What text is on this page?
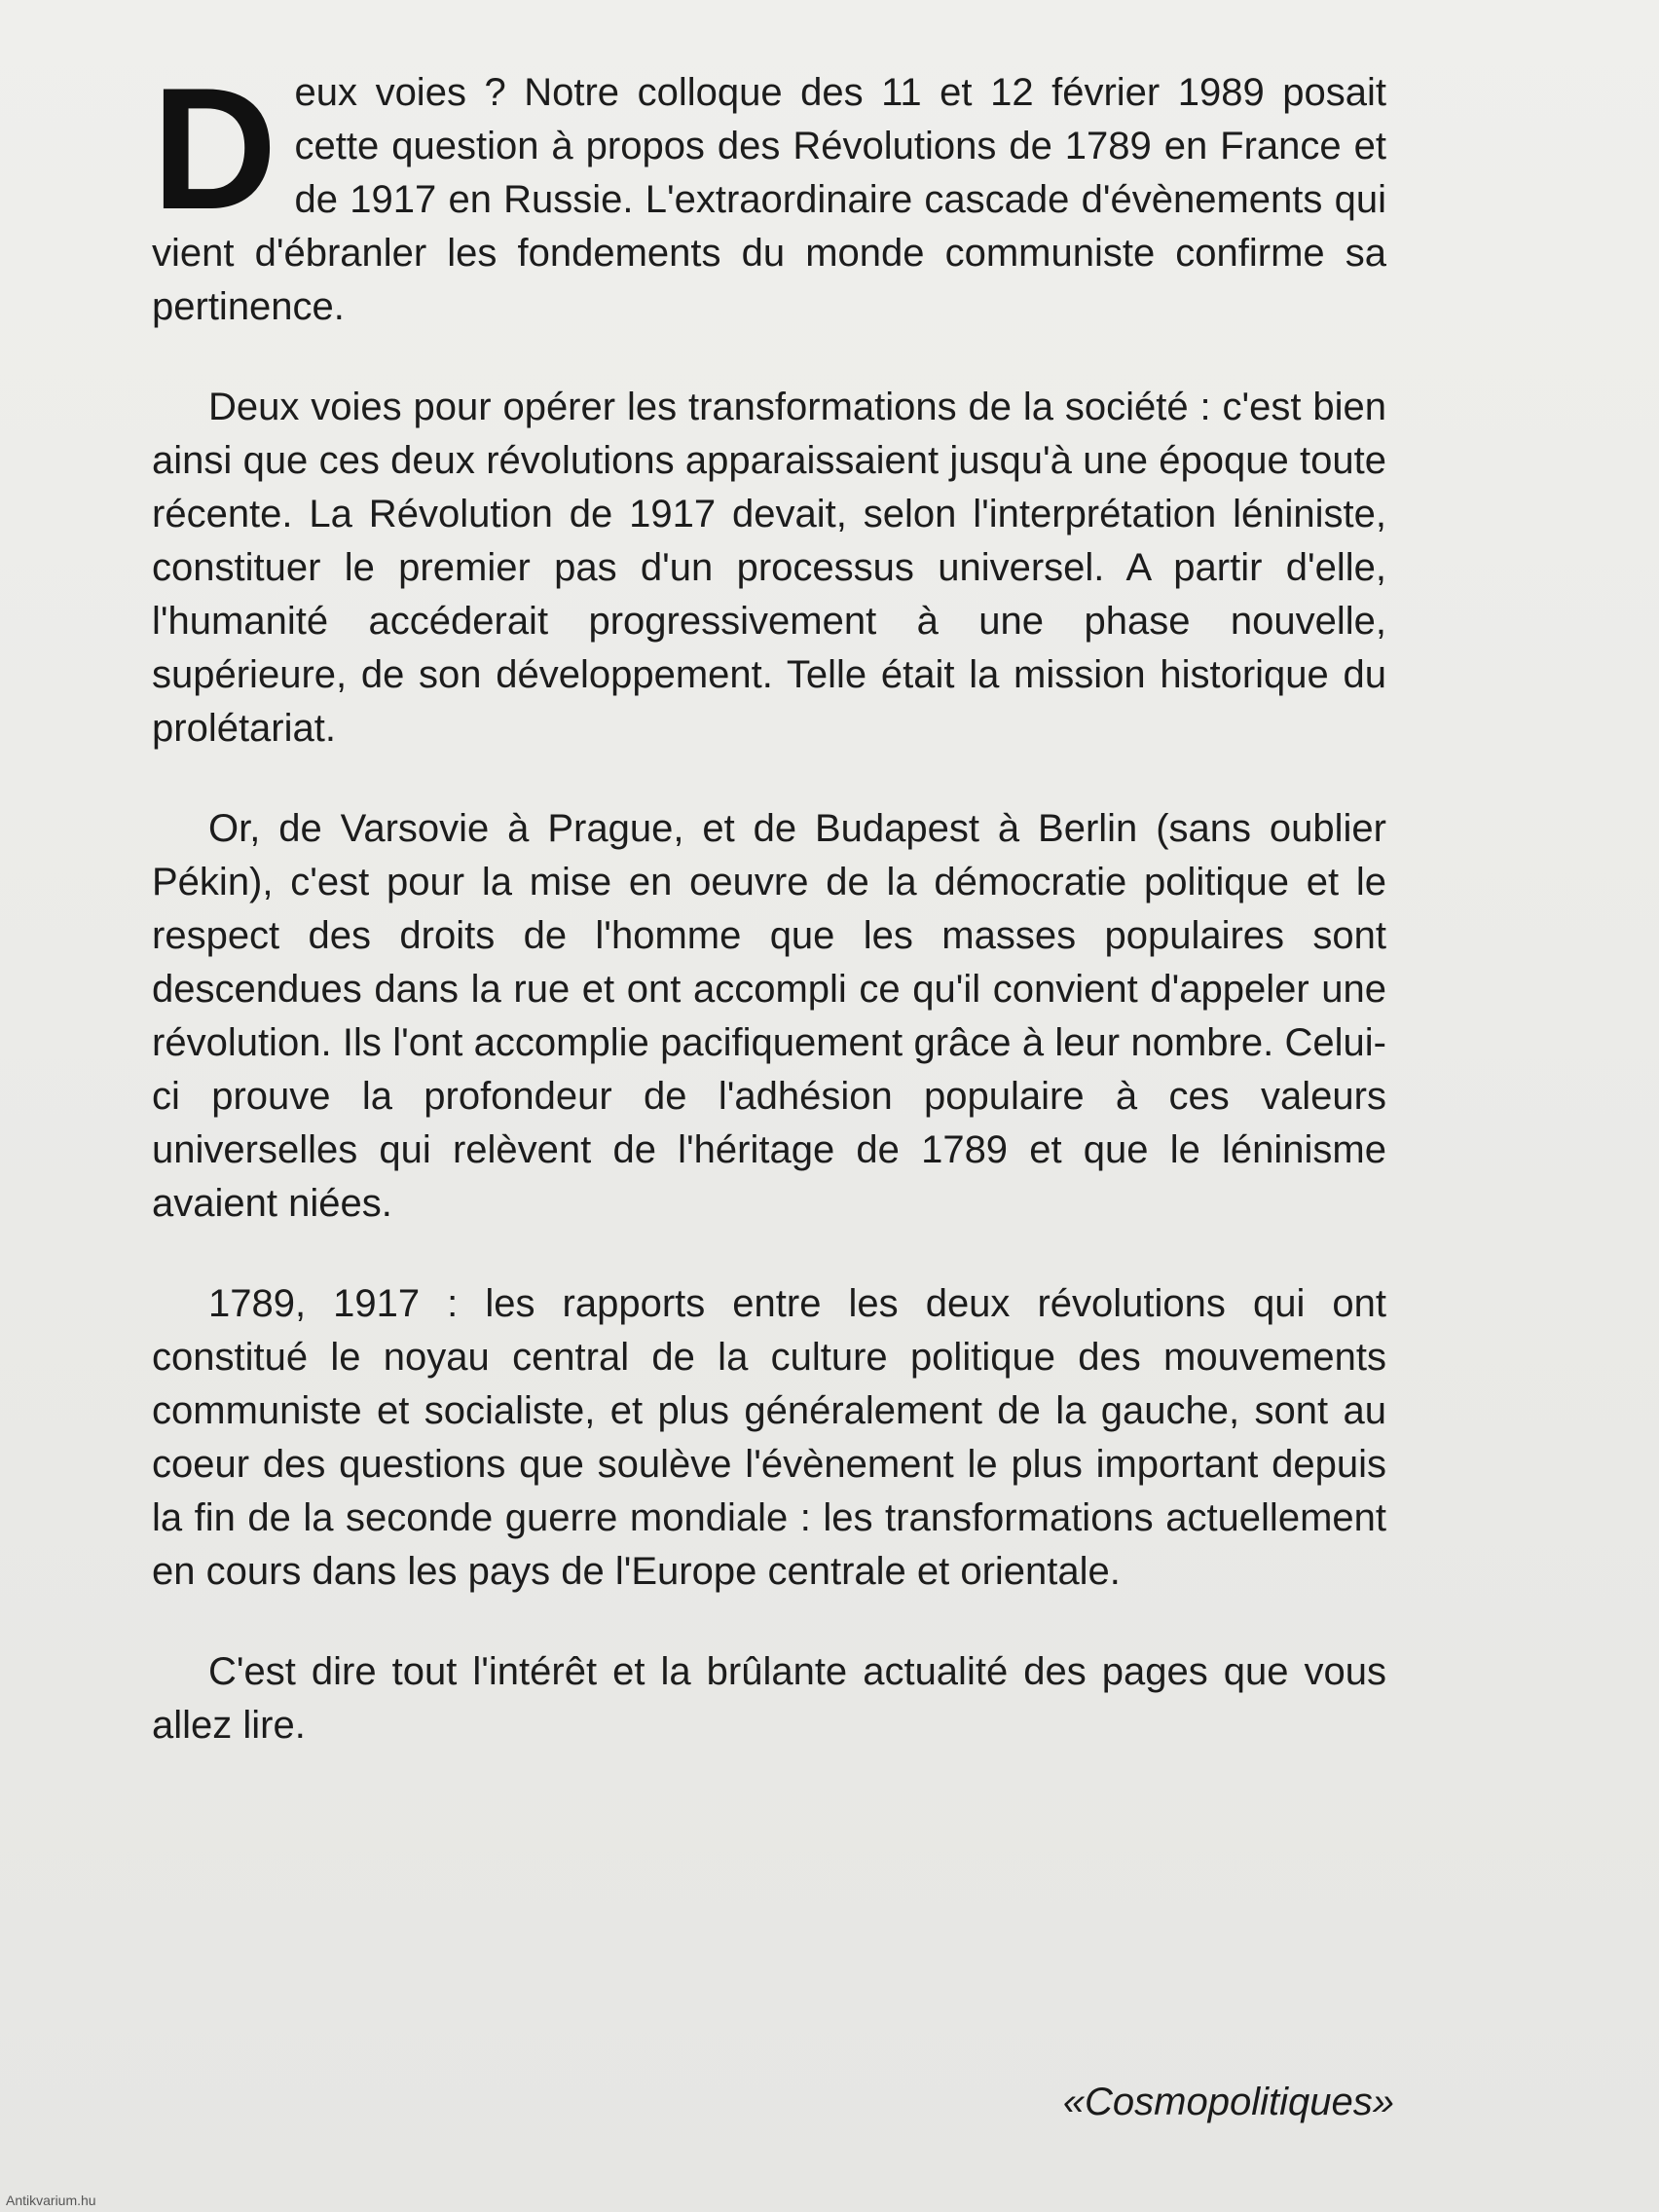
Deux voies ? Notre colloque des 11 et 12 février 1989 posait cette question à propos des Révolutions de 1789 en France et de 1917 en Russie. L'extraordinaire cascade d'évènements qui vient d'ébranler les fondements du monde communiste confirme sa pertinence.

Deux voies pour opérer les transformations de la société : c'est bien ainsi que ces deux révolutions apparaissaient jusqu'à une époque toute récente. La Révolution de 1917 devait, selon l'interprétation léniniste, constituer le premier pas d'un processus universel. A partir d'elle, l'humanité accéderait progressivement à une phase nouvelle, supérieure, de son développement. Telle était la mission historique du prolétariat.

Or, de Varsovie à Prague, et de Budapest à Berlin (sans oublier Pékin), c'est pour la mise en oeuvre de la démocratie politique et le respect des droits de l'homme que les masses populaires sont descendues dans la rue et ont accompli ce qu'il convient d'appeler une révolution. Ils l'ont accomplie pacifiquement grâce à leur nombre. Celui-ci prouve la profondeur de l'adhésion populaire à ces valeurs universelles qui relèvent de l'héritage de 1789 et que le léninisme avaient niées.

1789, 1917 : les rapports entre les deux révolutions qui ont constitué le noyau central de la culture politique des mouvements communiste et socialiste, et plus généralement de la gauche, sont au coeur des questions que soulève l'évènement le plus important depuis la fin de la seconde guerre mondiale : les transformations actuellement en cours dans les pays de l'Europe centrale et orientale.

C'est dire tout l'intérêt et la brûlante actualité des pages que vous allez lire.

«Cosmopolitiques»
Antikvarium.hu
